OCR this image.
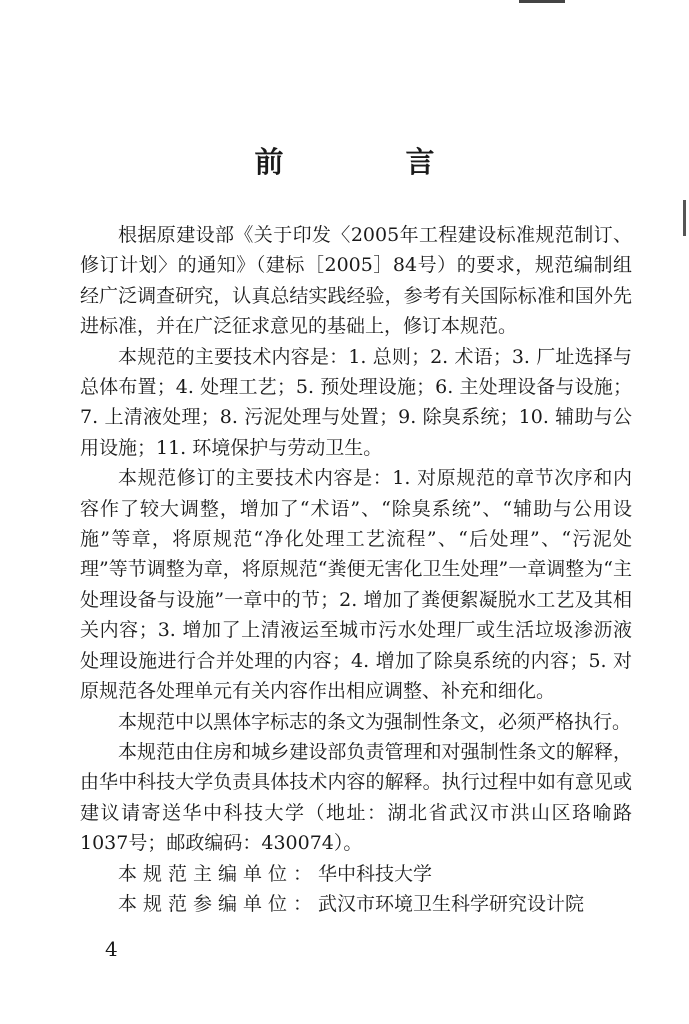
前 言

根据原建设部《关于印发〈2005年工程建设标准规范制订、修订计划〉的通知》（建标［2005］84号）的要求，规范编制组经广泛调查研究，认真总结实践经验，参考有关国际标准和国外先进标准，并在广泛征求意见的基础上，修订本规范。

本规范的主要技术内容是：1. 总则；2. 术语；3. 厂址选择与总体布置；4. 处理工艺；5. 预处理设施；6. 主处理设备与设施；7. 上清液处理；8. 污泥处理与处置；9. 除臭系统；10. 辅助与公用设施；11. 环境保护与劳动卫生。

本规范修订的主要技术内容是：1. 对原规范的章节次序和内容作了较大调整，增加了“术语”、“除臭系统”、“辅助与公用设施”等章，将原规范“净化处理工艺流程”、“后处理”、“污泥处理”等节调整为章，将原规范“粪便无害化卫生处理”一章调整为“主处理设备与设施”一章中的节；2. 增加了粪便絮凝脱水工艺及其相关内容；3. 增加了上清液运至城市污水处理厂或生活垃圾渗沥液处理设施进行合并处理的内容；4. 增加了除臭系统的内容；5. 对原规范各处理单元有关内容作出相应调整、补充和细化。

本规范中以黑体字标志的条文为强制性条文，必须严格执行。

本规范由住房和城乡建设部负责管理和对强制性条文的解释，由华中科技大学负责具体技术内容的解释。执行过程中如有意见或建议请寄送华中科技大学（地址：湖北省武汉市洪山区珞喻路1037号；邮政编码：430074）。

本规范主编单位：华中科技大学
本规范参编单位：武汉市环境卫生科学研究设计院
4
